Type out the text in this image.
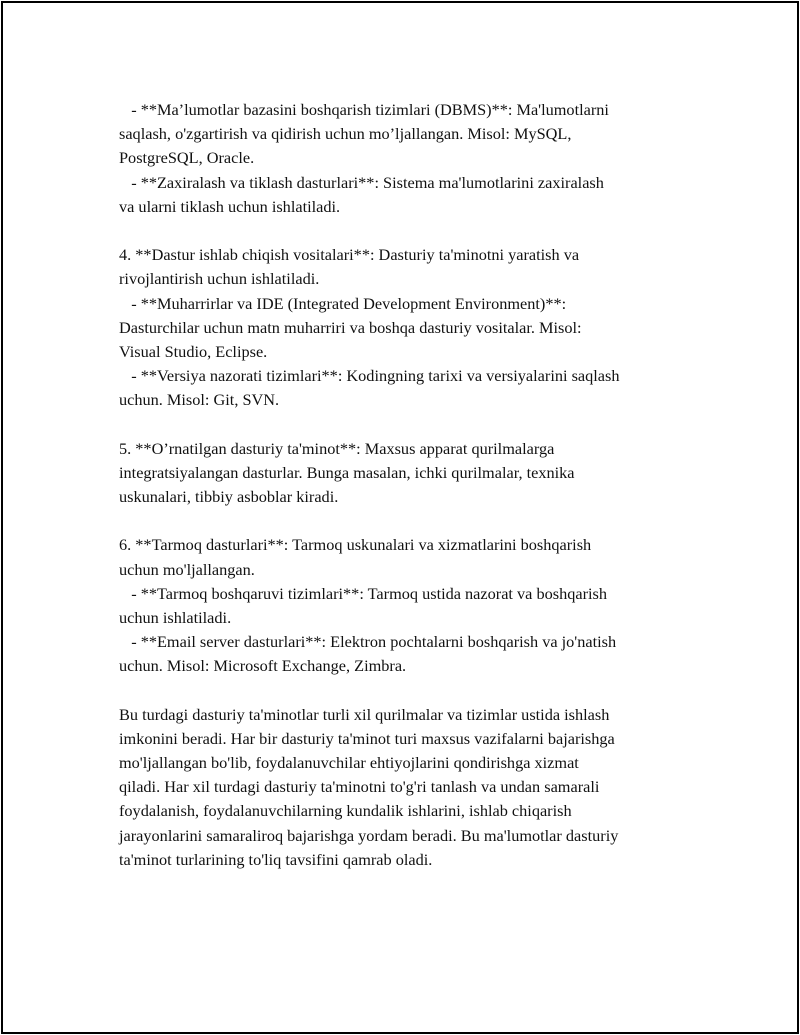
- **Ma’lumotlar bazasini boshqarish tizimlari (DBMS)**: Ma'lumotlarni
saqlash, o'zgartirish va qidirish uchun mo’ljallangan. Misol: MySQL,
PostgreSQL, Oracle.
- **Zaxiralash va tiklash dasturlari**: Sistema ma'lumotlarini zaxiralash
va ularni tiklash uchun ishlatiladi.
4. **Dastur ishlab chiqish vositalari**: Dasturiy ta'minotni yaratish va
rivojlantirish uchun ishlatiladi.
- **Muharrirlar va IDE (Integrated Development Environment)**:
Dasturchilar uchun matn muharriri va boshqa dasturiy vositalar. Misol:
Visual Studio, Eclipse.
- **Versiya nazorati tizimlari**: Kodingning tarixi va versiyalarini saqlash
uchun. Misol: Git, SVN.
5. **O’rnatilgan dasturiy ta'minot**: Maxsus apparat qurilmalarga
integratsiyalangan dasturlar. Bunga masalan, ichki qurilmalar, texnika
uskunalari, tibbiy asboblar kiradi.
6. **Tarmoq dasturlari**: Tarmoq uskunalari va xizmatlarini boshqarish
uchun mo'ljallangan.
- **Tarmoq boshqaruvi tizimlari**: Tarmoq ustida nazorat va boshqarish
uchun ishlatiladi.
- **Email server dasturlari**: Elektron pochtalarni boshqarish va jo'natish
uchun. Misol: Microsoft Exchange, Zimbra.
Bu turdagi dasturiy ta'minotlar turli xil qurilmalar va tizimlar ustida ishlash
imkonini beradi. Har bir dasturiy ta'minot turi maxsus vazifalarni bajarishga
mo'ljallangan bo'lib, foydalanuvchilar ehtiyojlarini qondirishga xizmat
qiladi. Har xil turdagi dasturiy ta'minotni to'g'ri tanlash va undan samarali
foydalanish, foydalanuvchilarning kundalik ishlarini, ishlab chiqarish
jarayonlarini samaraliroq bajarishga yordam beradi. Bu ma'lumotlar dasturiy
ta'minot turlarining to'liq tavsifini qamrab oladi.
